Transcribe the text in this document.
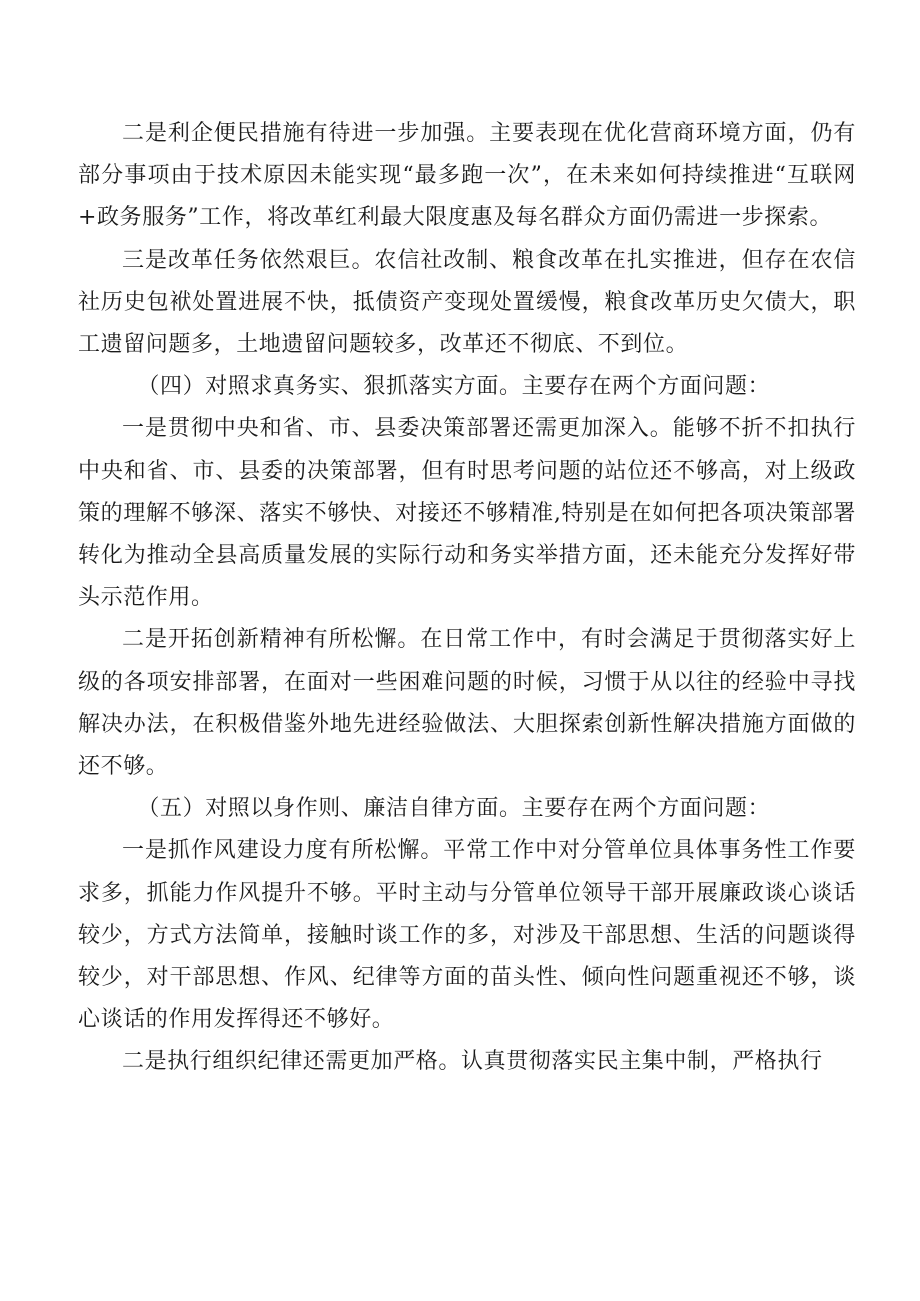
二是利企便民措施有待进一步加强。主要表现在优化营商环境方面，仍有部分事项由于技术原因未能实现“最多跑一次”，在未来如何持续推进“互联网+政务服务”工作，将改革红利最大限度惠及每名群众方面仍需进一步探索。

三是改革任务依然艰巨。农信社改制、粮食改革在扎实推进，但存在农信社历史包袱处置进展不快，抵债资产变现处置缓慢，粮食改革历史欠债大，职工遗留问题多，土地遗留问题较多，改革还不彻底、不到位。

（四）对照求真务实、狠抓落实方面。主要存在两个方面问题：

一是贯彻中央和省、市、县委决策部署还需更加深入。能够不折不扣执行中央和省、市、县委的决策部署，但有时思考问题的站位还不够高，对上级政策的理解不够深、落实不够快、对接还不够精准,特别是在如何把各项决策部署转化为推动全县高质量发展的实际行动和务实举措方面，还未能充分发挥好带头示范作用。

二是开拓创新精神有所松懈。在日常工作中，有时会满足于贯彻落实好上级的各项安排部署，在面对一些困难问题的时候，习惯于从以往的经验中寻找解决办法，在积极借鉴外地先进经验做法、大胆探索创新性解决措施方面做的还不够。

（五）对照以身作则、廉洁自律方面。主要存在两个方面问题：

一是抓作风建设力度有所松懈。平常工作中对分管单位具体事务性工作要求多，抓能力作风提升不够。平时主动与分管单位领导干部开展廉政谈心谈话较少，方式方法简单，接触时谈工作的多，对涉及干部思想、生活的问题谈得较少，对干部思想、作风、纪律等方面的苗头性、倾向性问题重视还不够，谈心谈话的作用发挥得还不够好。

二是执行组织纪律还需更加严格。认真贯彻落实民主集中制，严格执行
